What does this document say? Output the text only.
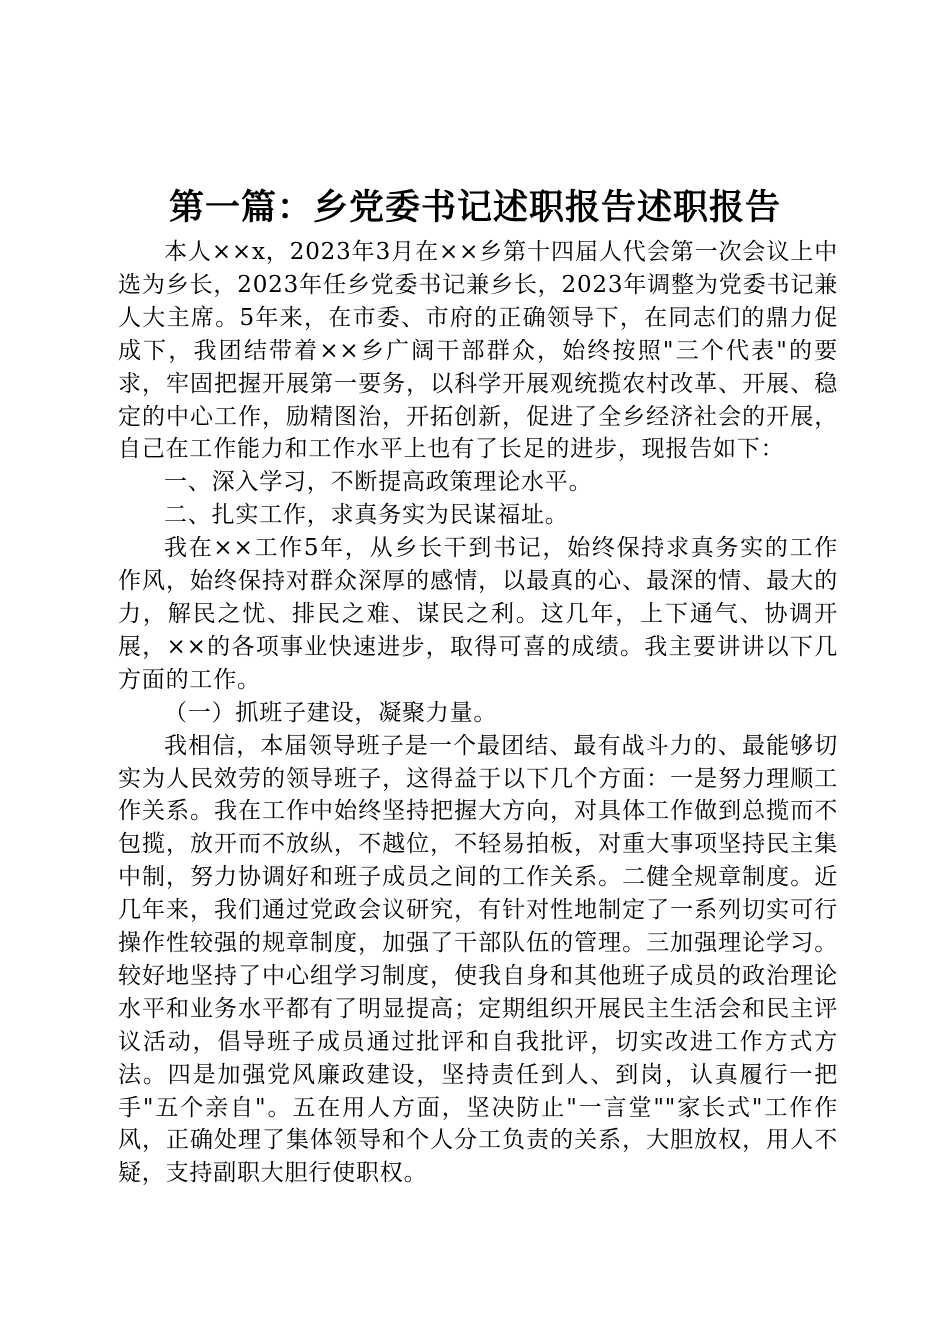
第一篇：乡党委书记述职报告述职报告

本人××x，2023年3月在××乡第十四届人代会第一次会议上中选为乡长，2023年任乡党委书记兼乡长，2023年调整为党委书记兼人大主席。5年来，在市委、市府的正确领导下，在同志们的鼎力促成下，我团结带着××乡广阔干部群众，始终按照"三个代表"的要求，牢固把握开展第一要务，以科学开展观统揽农村改革、开展、稳定的中心工作，励精图治，开拓创新，促进了全乡经济社会的开展，自己在工作能力和工作水平上也有了长足的进步，现报告如下：

一、深入学习，不断提高政策理论水平。

二、扎实工作，求真务实为民谋福址。

我在××工作5年，从乡长干到书记，始终保持求真务实的工作作风，始终保持对群众深厚的感情，以最真的心、最深的情、最大的力，解民之忧、排民之难、谋民之利。这几年，上下通气、协调开展，××的各项事业快速进步，取得可喜的成绩。我主要讲讲以下几方面的工作。

（一）抓班子建设，凝聚力量。

我相信，本届领导班子是一个最团结、最有战斗力的、最能够切实为人民效劳的领导班子，这得益于以下几个方面：一是努力理顺工作关系。我在工作中始终坚持把握大方向，对具体工作做到总揽而不包揽，放开而不放纵，不越位，不轻易拍板，对重大事项坚持民主集中制，努力协调好和班子成员之间的工作关系。二健全规章制度。近几年来，我们通过党政会议研究，有针对性地制定了一系列切实可行操作性较强的规章制度，加强了干部队伍的管理。三加强理论学习。较好地坚持了中心组学习制度，使我自身和其他班子成员的政治理论水平和业务水平都有了明显提高；定期组织开展民主生活会和民主评议活动，倡导班子成员通过批评和自我批评，切实改进工作方式方法。四是加强党风廉政建设，坚持责任到人、到岗，认真履行一把手"五个亲自"。五在用人方面，坚决防止"一言堂""家长式"工作作风，正确处理了集体领导和个人分工负责的关系，大胆放权，用人不疑，支持副职大胆行使职权。
